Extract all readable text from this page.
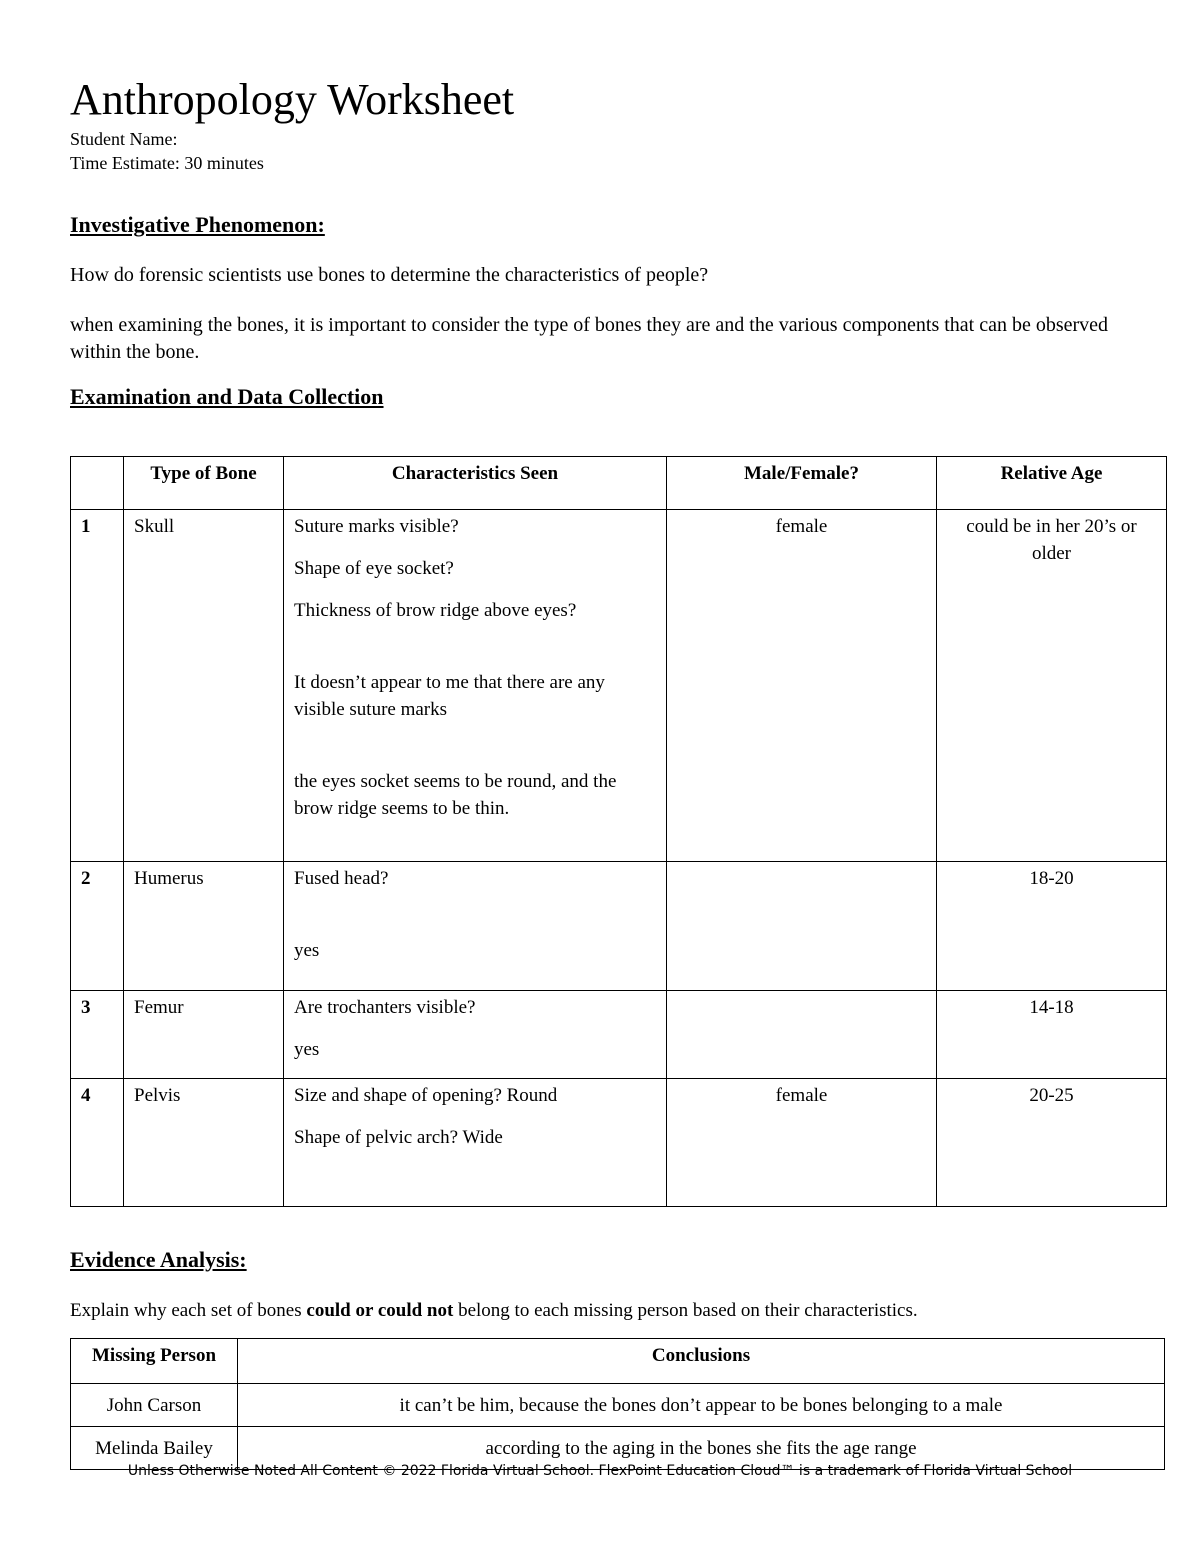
Anthropology Worksheet
Student Name:
Time Estimate: 30 minutes
Investigative Phenomenon:
How do forensic scientists use bones to determine the characteristics of people?
when examining the bones, it is important to consider the type of bones they are and the various components that can be observed within the bone.
Examination and Data Collection

	Type of Bone	Characteristics Seen	Male/Female?	Relative Age

1	Skull	Suture marks visible?

Shape of eye socket?

Thickness of brow ridge above eyes?

It doesn’t appear to me that there are any visible suture marks

the eyes socket seems to be round, and the brow ridge seems to be thin.	female	could be in her 20’s or older
2	Humerus	Fused head?

yes		18-20
3	Femur	Are trochanters visible?

yes		14-18
4	Pelvis	Size and shape of opening? Round

Shape of pelvic arch? Wide	female	20-25
Evidence Analysis:
Explain why each set of bones could or could not belong to each missing person based on their characteristics.
Missing Person	Conclusions

John Carson	it can’t be him, because the bones don’t appear to be bones belonging to a male
Melinda Bailey	according to the aging in the bones she fits the age range
Unless Otherwise Noted All Content © 2022 Florida Virtual School. FlexPoint Education Cloud™ is a trademark of Florida Virtual School
